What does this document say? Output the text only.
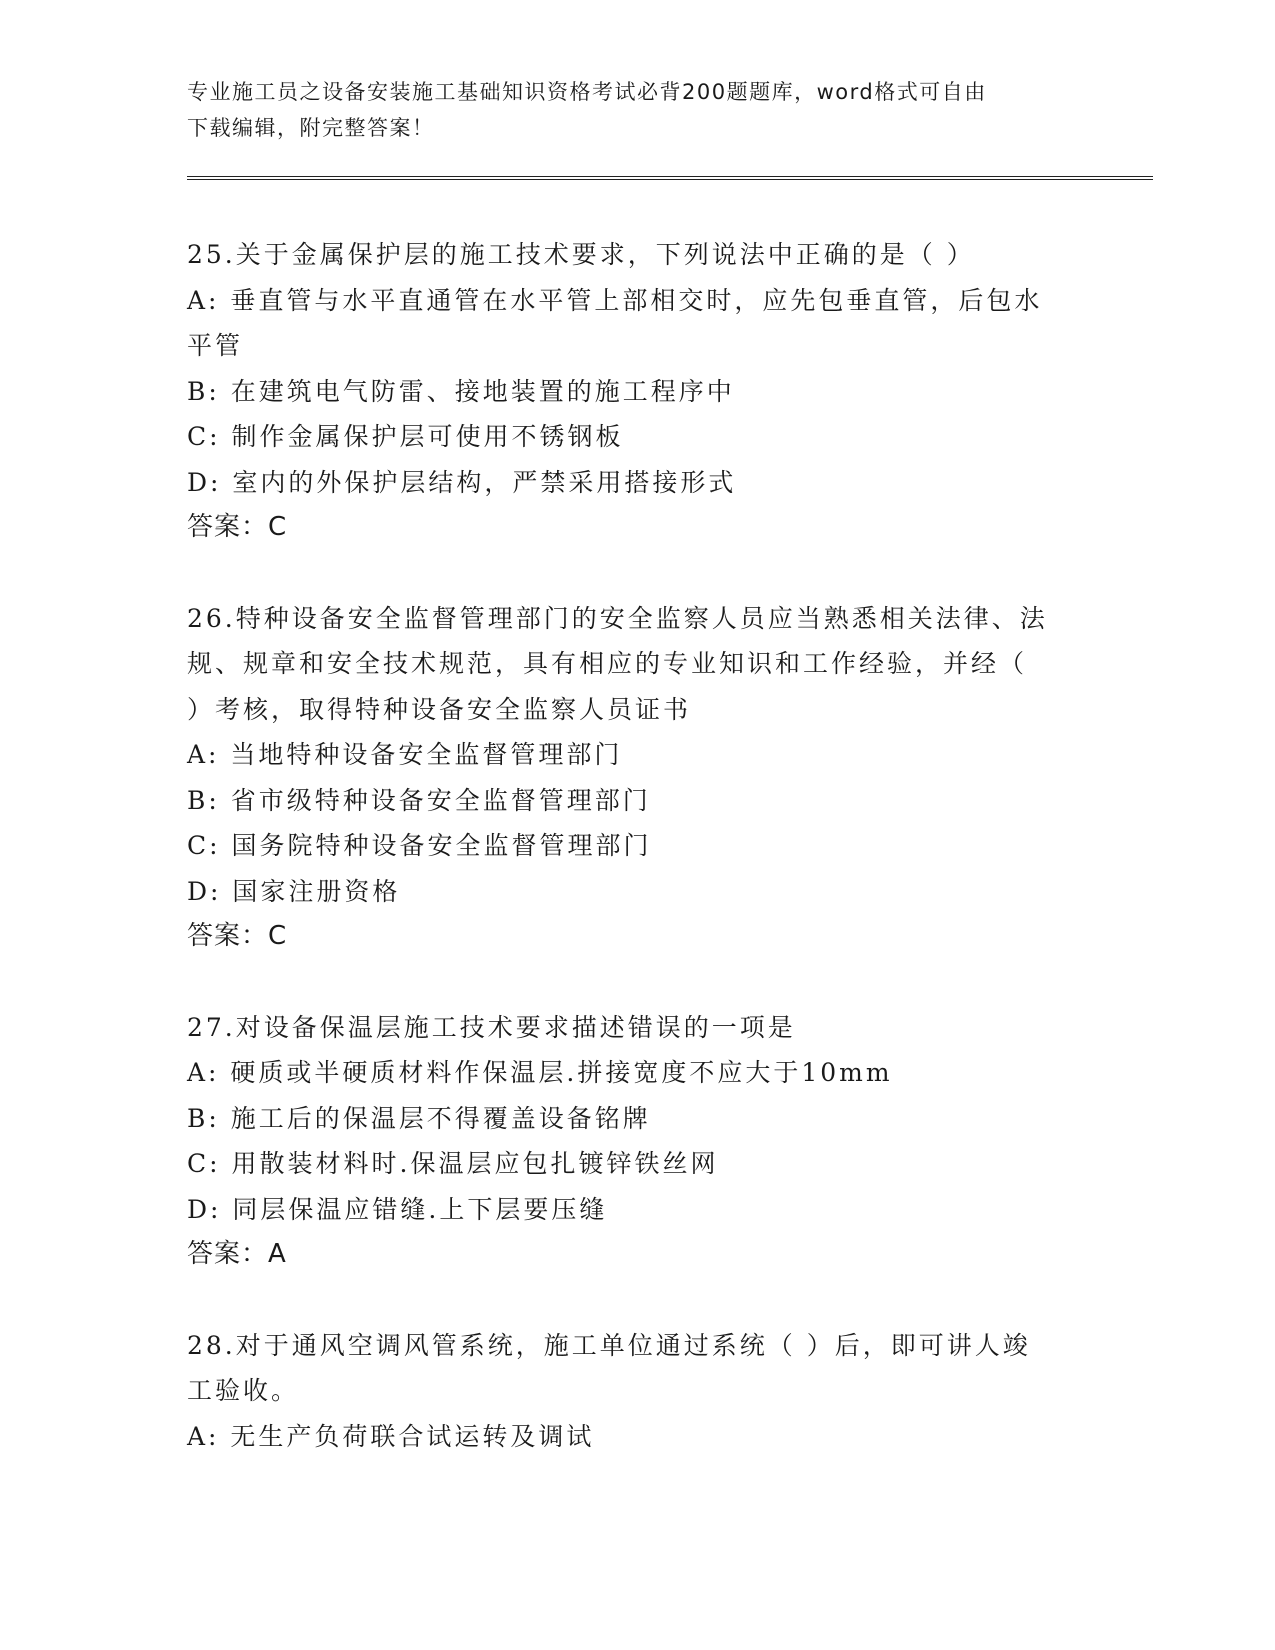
专业施工员之设备安装施工基础知识资格考试必背200题题库，word格式可自由
下载编辑，附完整答案！
25.关于金属保护层的施工技术要求，下列说法中正确的是（ ）
A: 垂直管与水平直通管在水平管上部相交时，应先包垂直管，后包水
平管
B: 在建筑电气防雷、接地装置的施工程序中
C: 制作金属保护层可使用不锈钢板
D: 室内的外保护层结构，严禁采用搭接形式
答案：C
26.特种设备安全监督管理部门的安全监察人员应当熟悉相关法律、法
规、规章和安全技术规范，具有相应的专业知识和工作经验，并经（
）考核，取得特种设备安全监察人员证书
A: 当地特种设备安全监督管理部门
B: 省市级特种设备安全监督管理部门
C: 国务院特种设备安全监督管理部门
D: 国家注册资格
答案：C
27.对设备保温层施工技术要求描述错误的一项是
A: 硬质或半硬质材料作保温层.拼接宽度不应大于10mm
B: 施工后的保温层不得覆盖设备铭牌
C: 用散装材料时.保温层应包扎镀锌铁丝网
D: 同层保温应错缝.上下层要压缝
答案：A
28.对于通风空调风管系统，施工单位通过系统（ ）后，即可讲人竣
工验收。
A: 无生产负荷联合试运转及调试
